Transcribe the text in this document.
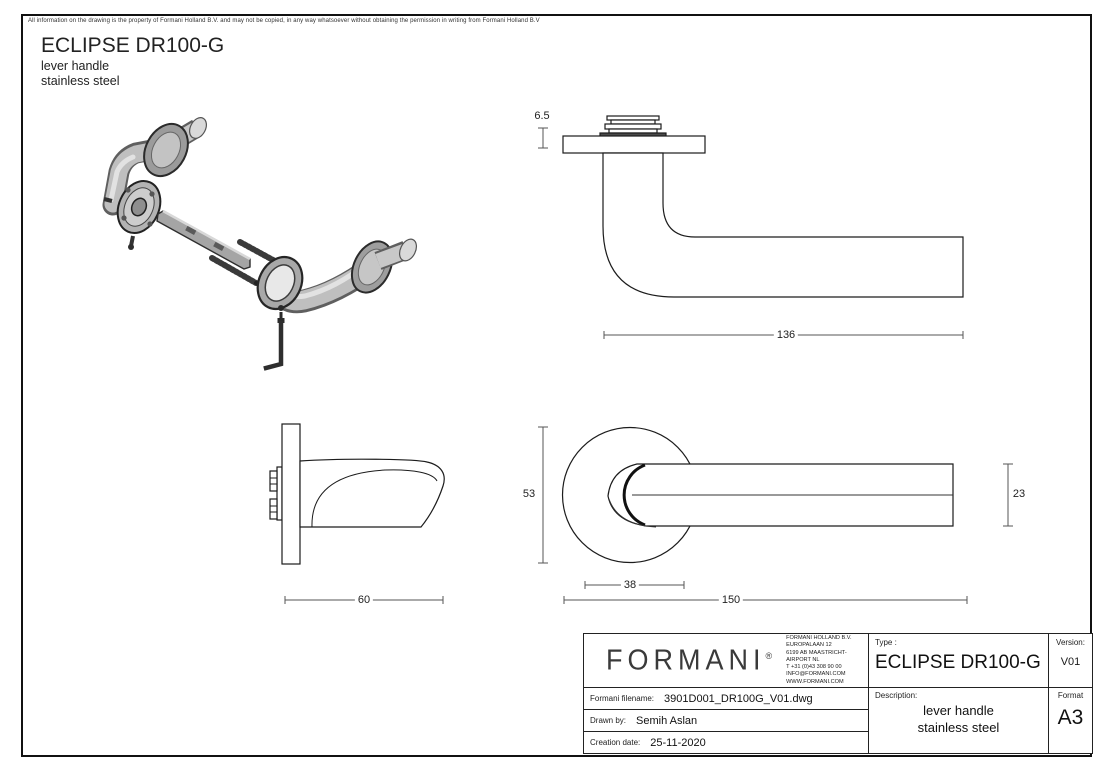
All information on the drawing is the property of Formani Holland B.V. and may not be copied, in any way whatsoever without obtaining the permission in writing from Formani Holland B.V
ECLIPSE DR100-G
lever handle
stainless steel
6.5
136
53	23
38
150
60
FORMANI®
FORMANI HOLLAND B.V.
EUROPALAAN 12
6199 AB MAASTRICHT-AIRPORT NL
T +31 (0)43 308 90 00
INFO@FORMANI.COM
WWW.FORMANI.COM
Type :
ECLIPSE DR100-G
Version:
V01
Formani filename: 3901D001_DR100G_V01.dwg	Description:
lever handle
stainless steel
Format
A3
Drawn by: Semih Aslan
Creation date: 25-11-2020
